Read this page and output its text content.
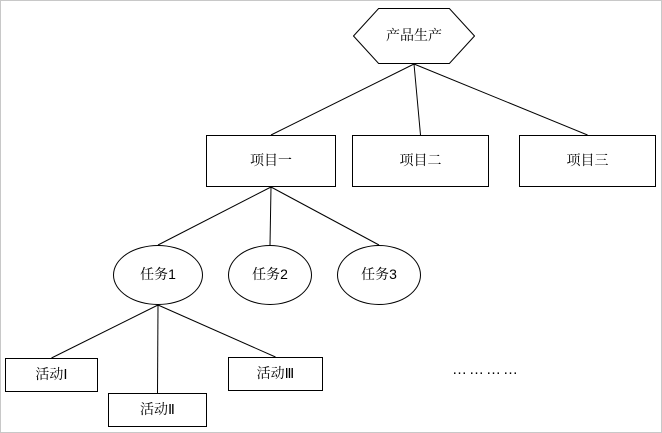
产品生产
项目一	项目二	项目三
任务1	任务2	任务3
活动Ⅰ
活动Ⅱ
活动Ⅲ	…………
